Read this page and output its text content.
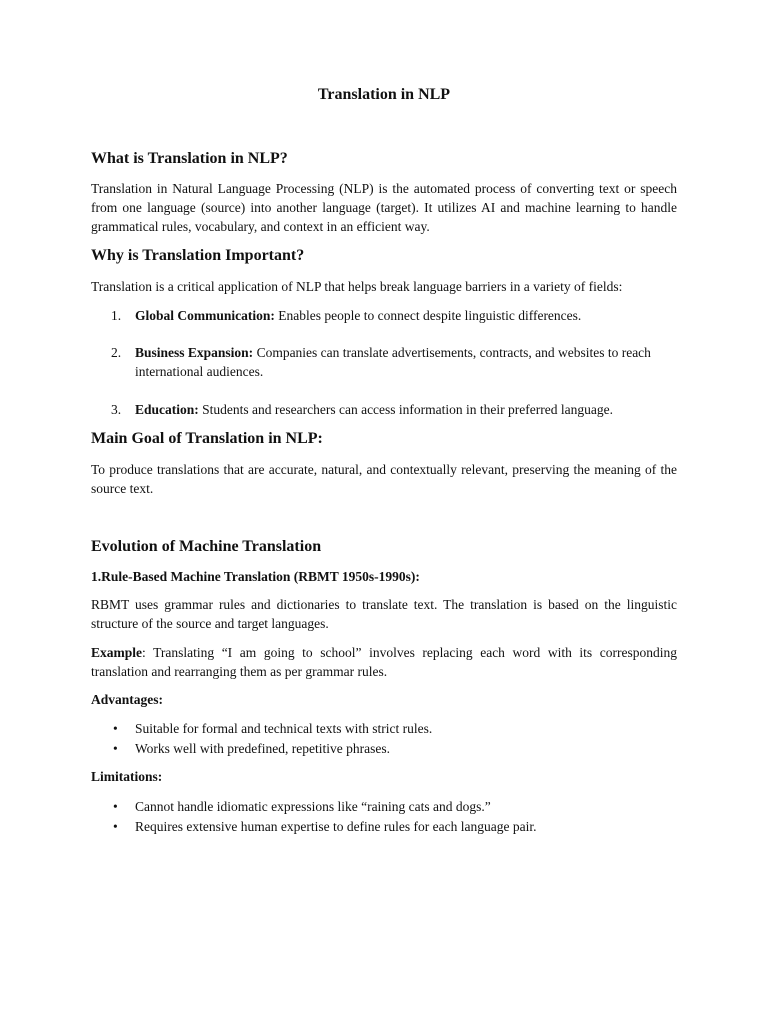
Translation in NLP
What is Translation in NLP?

Translation in Natural Language Processing (NLP) is the automated process of converting text or speech from one language (source) into another language (target). It utilizes AI and machine learning to handle grammatical rules, vocabulary, and context in an efficient way.

Why is Translation Important?

Translation is a critical application of NLP that helps break language barriers in a variety of fields:

1.	Global Communication: Enables people to connect despite linguistic differences.
2.	Business Expansion: Companies can translate advertisements, contracts, and websites to reach international audiences.
3.	Education: Students and researchers can access information in their preferred language.
Main Goal of Translation in NLP:

To produce translations that are accurate, natural, and contextually relevant, preserving the meaning of the source text.

Evolution of Machine Translation
1.Rule-Based Machine Translation (RBMT 1950s-1990s):

RBMT uses grammar rules and dictionaries to translate text. The translation is based on the linguistic structure of the source and target languages.

Example: Translating “I am going to school” involves replacing each word with its corresponding translation and rearranging them as per grammar rules.

Advantages:
• Suitable for formal and technical texts with strict rules.
• Works well with predefined, repetitive phrases.
Limitations:
• Cannot handle idiomatic expressions like “raining cats and dogs.”
• Requires extensive human expertise to define rules for each language pair.
